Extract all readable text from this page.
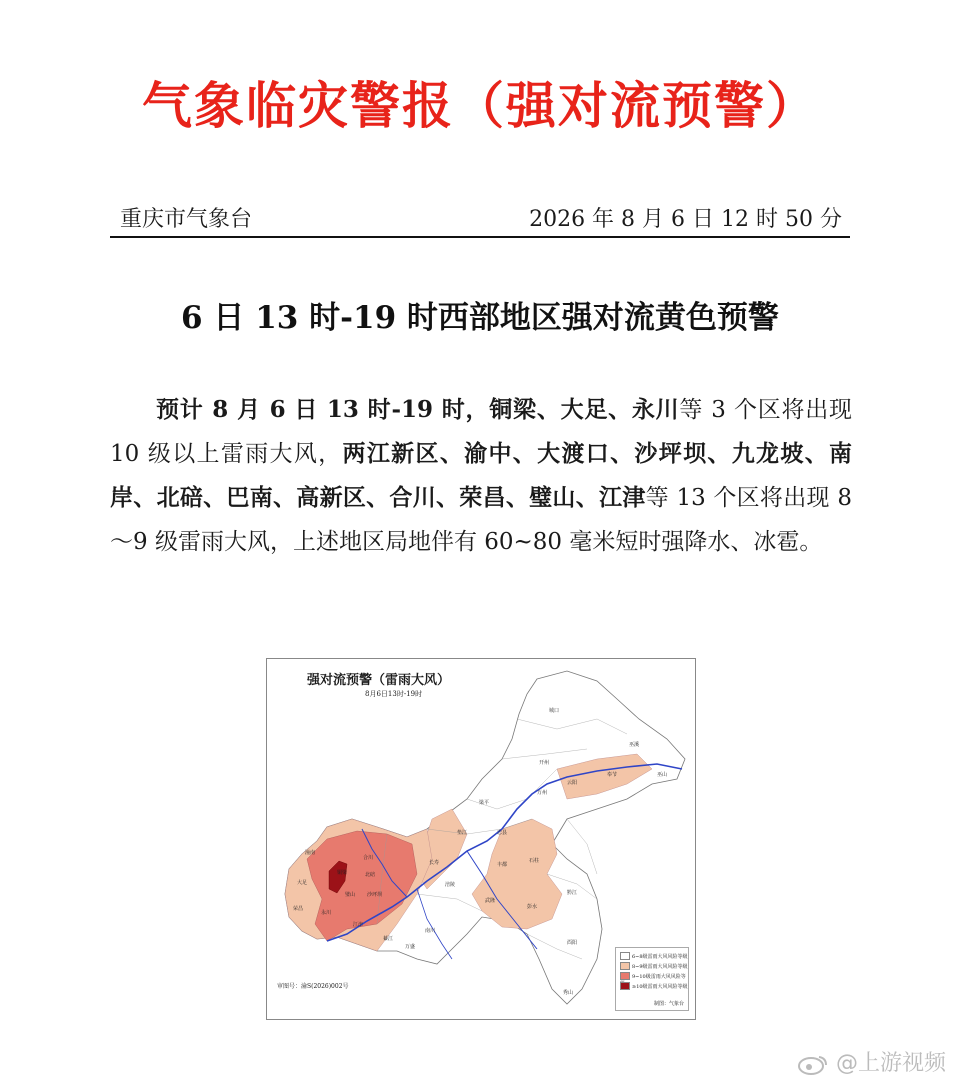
气象临灾警报（强对流预警）
重庆市气象台	2026 年 8 月 6 日 12 时 50 分
6 日 13 时-19 时西部地区强对流黄色预警
预计 8 月 6 日 13 时-19 时，铜梁、大足、永川等 3 个区将出现 10 级以上雷雨大风，两江新区、渝中、大渡口、沙坪坝、九龙坡、南岸、北碚、巴南、高新区、合川、荣昌、璧山、江津等 13 个区将出现 8～9 级雷雨大风，上述地区局地伴有 60~80 毫米短时强降水、冰雹。
强对流预警（雷雨大风）
8月6日13时-19时
潼南
铜梁
合川
北碚
大足
璧山 沙坪坝
荣昌
永川
江津
綦江
万盛
南川
涪陵
长寿
垫江
梁平
忠县
万州
开州
云阳
奉节	巫山
巫溪
城口
石柱
丰都
武隆
彭水
黔江
酉阳
秀山
审图号：渝S(2026)002号
6~8级雷雨大风风险等级
8~9级雷雨大风风险等级
9~10级雷雨大风风险等
≥10级雷雨大风风险等级
制图：气象台
@上游视频
